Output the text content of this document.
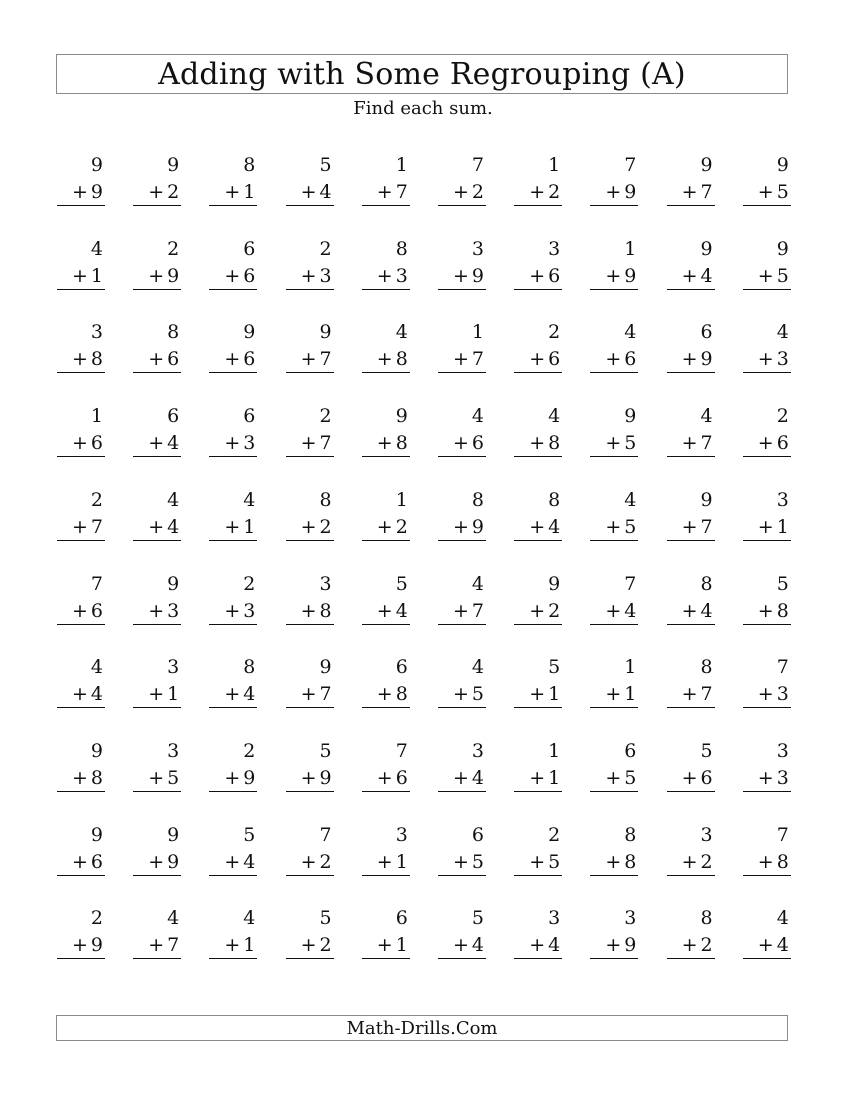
Adding with Some Regrouping (A)
Find each sum.
9
+ 9
9
+ 2
8
+ 1
5
+ 4
1
+ 7
7
+ 2
1
+ 2
7
+ 9
9
+ 7
9
+ 5
4
+ 1
2
+ 9
6
+ 6
2
+ 3
8
+ 3
3
+ 9
3
+ 6
1
+ 9
9
+ 4
9
+ 5
3
+ 8
8
+ 6
9
+ 6
9
+ 7
4
+ 8
1
+ 7
2
+ 6
4
+ 6
6
+ 9
4
+ 3
1
+ 6
6
+ 4
6
+ 3
2
+ 7
9
+ 8
4
+ 6
4
+ 8
9
+ 5
4
+ 7
2
+ 6
2
+ 7
4
+ 4
4
+ 1
8
+ 2
1
+ 2
8
+ 9
8
+ 4
4
+ 5
9
+ 7
3
+ 1
7
+ 6
9
+ 3
2
+ 3
3
+ 8
5
+ 4
4
+ 7
9
+ 2
7
+ 4
8
+ 4
5
+ 8
4
+ 4
3
+ 1
8
+ 4
9
+ 7
6
+ 8
4
+ 5
5
+ 1
1
+ 1
8
+ 7
7
+ 3
9
+ 8
3
+ 5
2
+ 9
5
+ 9
7
+ 6
3
+ 4
1
+ 1
6
+ 5
5
+ 6
3
+ 3
9
+ 6
9
+ 9
5
+ 4
7
+ 2
3
+ 1
6
+ 5
2
+ 5
8
+ 8
3
+ 2
7
+ 8
2
+ 9
4
+ 7
4
+ 1
5
+ 2
6
+ 1
5
+ 4
3
+ 4
3
+ 9
8
+ 2
4
+ 4
Math-Drills.Com
